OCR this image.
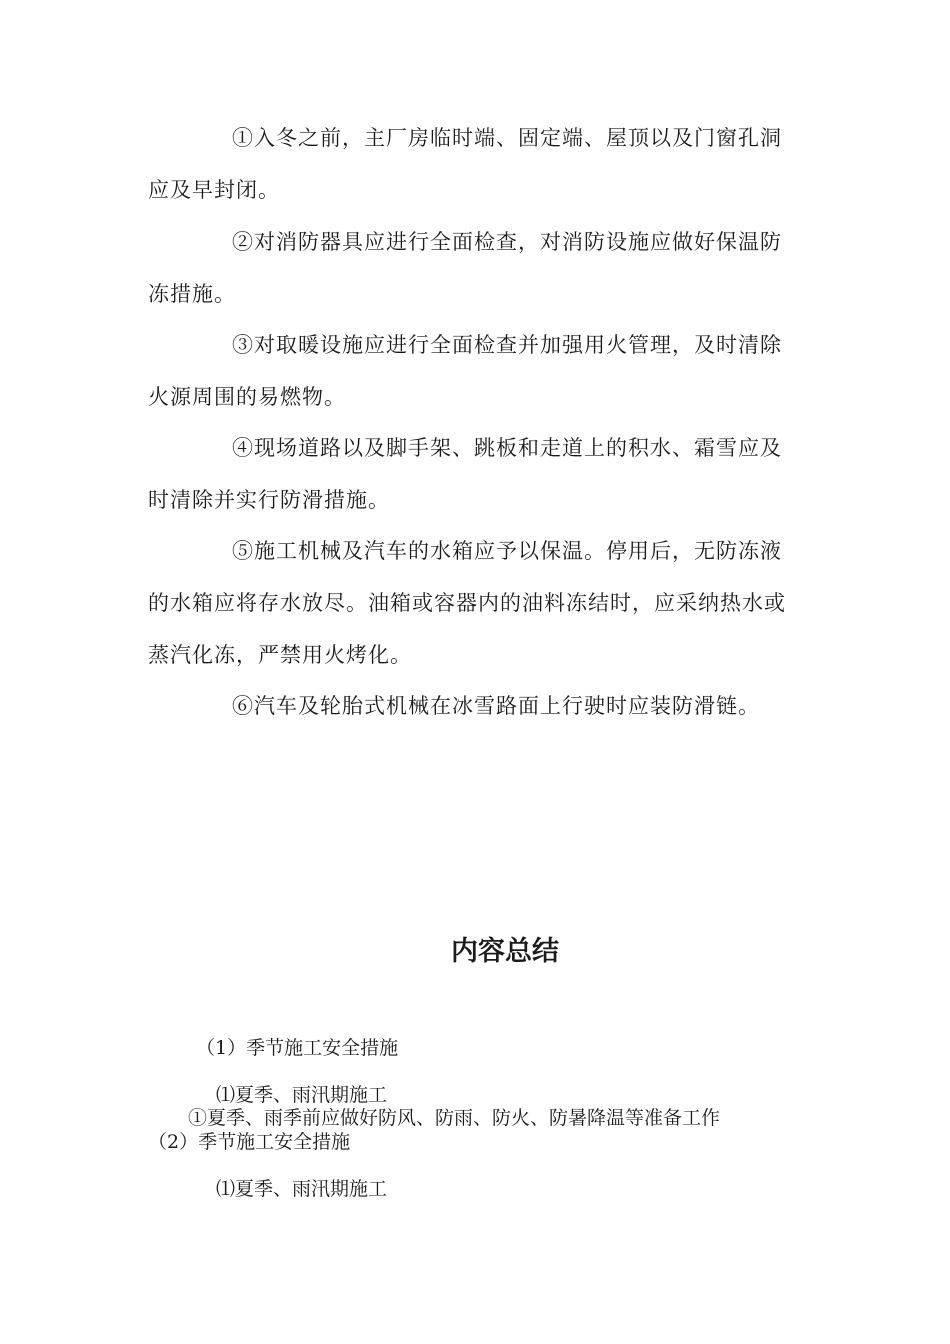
①入冬之前，主厂房临时端、固定端、屋顶以及门窗孔洞应及早封闭。

②对消防器具应进行全面检查，对消防设施应做好保温防冻措施。

③对取暖设施应进行全面检查并加强用火管理，及时清除火源周围的易燃物。

④现场道路以及脚手架、跳板和走道上的积水、霜雪应及时清除并实行防滑措施。

⑤施工机械及汽车的水箱应予以保温。停用后，无防冻液的水箱应将存水放尽。油箱或容器内的油料冻结时，应采纳热水或蒸汽化冻，严禁用火烤化。

⑥汽车及轮胎式机械在冰雪路面上行驶时应装防滑链。

内容总结

（1）季节施工安全措施

⑴夏季、雨汛期施工

①夏季、雨季前应做好防风、防雨、防火、防暑降温等准备工作

（2）季节施工安全措施

⑴夏季、雨汛期施工
